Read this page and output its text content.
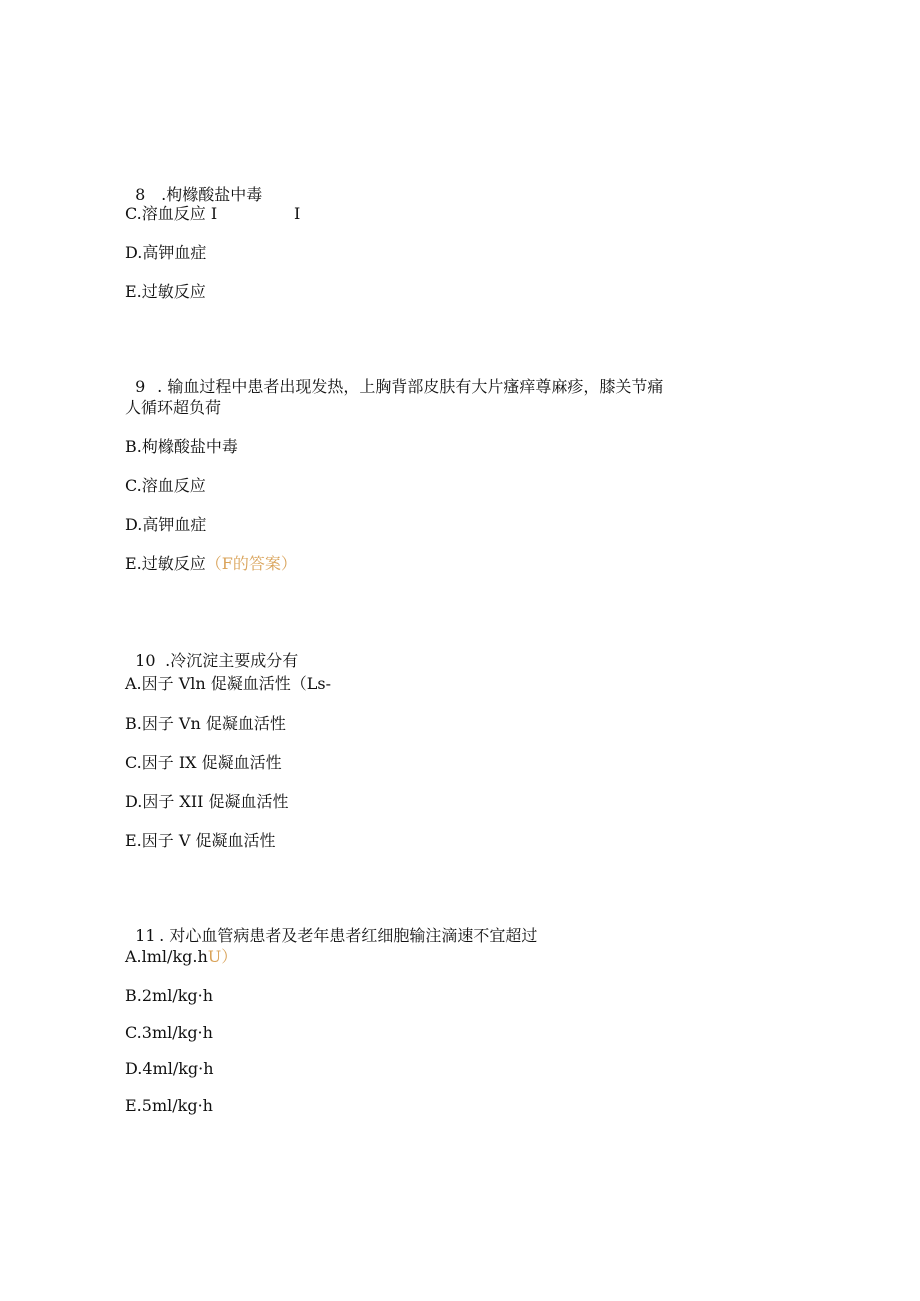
8 .枸橼酸盐中毒

C.溶血反应 I	I
D.高钾血症
E.过敏反应

9 . 输血过程中患者出现发热，上胸背部皮肤有大片瘙痒尊麻疹，膝关节痛

人循环超负荷
B.枸橼酸盐中毒
C.溶血反应
D.高钾血症
E.过敏反应（F的答案）

10 .冷沉淀主要成分有

A.因子 Vln 促凝血活性（Ls-
B.因子 Vn 促凝血活性
C.因子 IX 促凝血活性
D.因子 XII 促凝血活性
E.因子 V 促凝血活性

11 . 对心血管病患者及老年患者红细胞输注滴速不宜超过

A.lml∕kg.hU）
B.2ml∕kg·h
C.3ml∕kg·h
D.4ml∕kg·h
E.5ml∕kg·h
